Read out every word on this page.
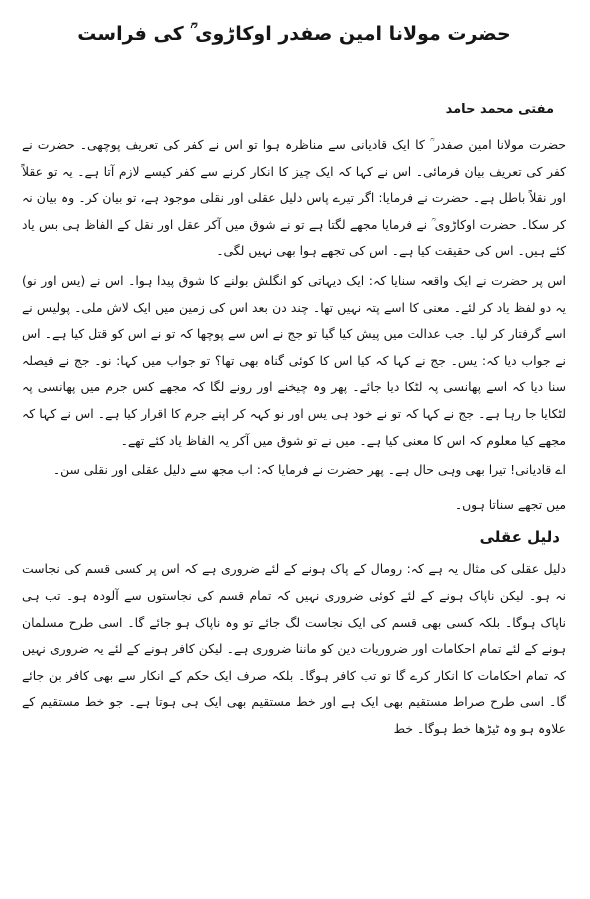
حضرت مولانا امین صفدر اوکاڑوی ؒ کی فراست
مفتی محمد حامد

حضرت مولانا امین صفدر ؒ کا ایک قادیانی سے مناظرہ ہوا تو اس نے کفر کی تعریف پوچھی۔ حضرت نے کفر کی تعریف بیان فرمائی۔ اس نے کہا کہ ایک چیز کا انکار کرنے سے کفر کیسے لازم آتا ہے۔ یہ تو عقلاً اور نقلاً باطل ہے۔ حضرت نے فرمایا: اگر تیرے پاس دلیل عقلی اور نقلی موجود ہے، تو بیان کر۔ وہ بیان نہ کر سکا۔ حضرت اوکاڑوی ؒ نے فرمایا مجھے لگتا ہے تو نے شوق میں آکر عقل اور نقل کے الفاظ ہی بس یاد کئے ہیں۔ اس کی حقیقت کیا ہے۔ اس کی تجھے ہوا بھی نہیں لگی۔

اس پر حضرت نے ایک واقعہ سنایا کہ: ایک دیہاتی کو انگلش بولنے کا شوق پیدا ہوا۔ اس نے (یس اور نو) یہ دو لفظ یاد کر لئے۔ معنی کا اسے پتہ نہیں تھا۔ چند دن بعد اس کی زمین میں ایک لاش ملی۔ پولیس نے اسے گرفتار کر لیا۔ جب عدالت میں پیش کیا گیا تو جج نے اس سے پوچھا کہ تو نے اس کو قتل کیا ہے۔ اس نے جواب دیا کہ: یس۔ جج نے کہا کہ کیا اس کا کوئی گناہ بھی تھا؟ تو جواب میں کہا: نو۔ جج نے فیصلہ سنا دیا کہ اسے پھانسی پہ لٹکا دیا جائے۔ پھر وہ چیخنے اور رونے لگا کہ مجھے کس جرم میں پھانسی پہ لٹکایا جا رہا ہے۔ جج نے کہا کہ تو نے خود ہی یس اور نو کہہ کر اپنے جرم کا اقرار کیا ہے۔ اس نے کہا کہ مجھے کیا معلوم کہ اس کا معنی کیا ہے۔ میں نے تو شوق میں آکر یہ الفاظ یاد کئے تھے۔

اے قادیانی! تیرا بھی وہی حال ہے۔ پھر حضرت نے فرمایا کہ: اب مجھ سے دلیل عقلی اور نقلی سن۔

میں تجھے سناتا ہوں۔

دلیل عقلی

دلیل عقلی کی مثال یہ ہے کہ: رومال کے پاک ہونے کے لئے ضروری ہے کہ اس پر کسی قسم کی نجاست نہ ہو۔ لیکن ناپاک ہونے کے لئے کوئی ضروری نہیں کہ تمام قسم کی نجاستوں سے آلودہ ہو۔ تب ہی ناپاک ہوگا۔ بلکہ کسی بھی قسم کی ایک نجاست لگ جائے تو وہ ناپاک ہو جائے گا۔ اسی طرح مسلمان ہونے کے لئے تمام احکامات اور ضروریات دین کو ماننا ضروری ہے۔ لیکن کافر ہونے کے لئے یہ ضروری نہیں کہ تمام احکامات کا انکار کرے گا تو تب کافر ہوگا۔ بلکہ صرف ایک حکم کے انکار سے بھی کافر بن جائے گا۔ اسی طرح صراط مستقیم بھی ایک ہے اور خط مستقیم بھی ایک ہی ہوتا ہے۔ جو خط مستقیم کے علاوہ ہو وہ ٹیڑھا خط ہوگا۔ خط
